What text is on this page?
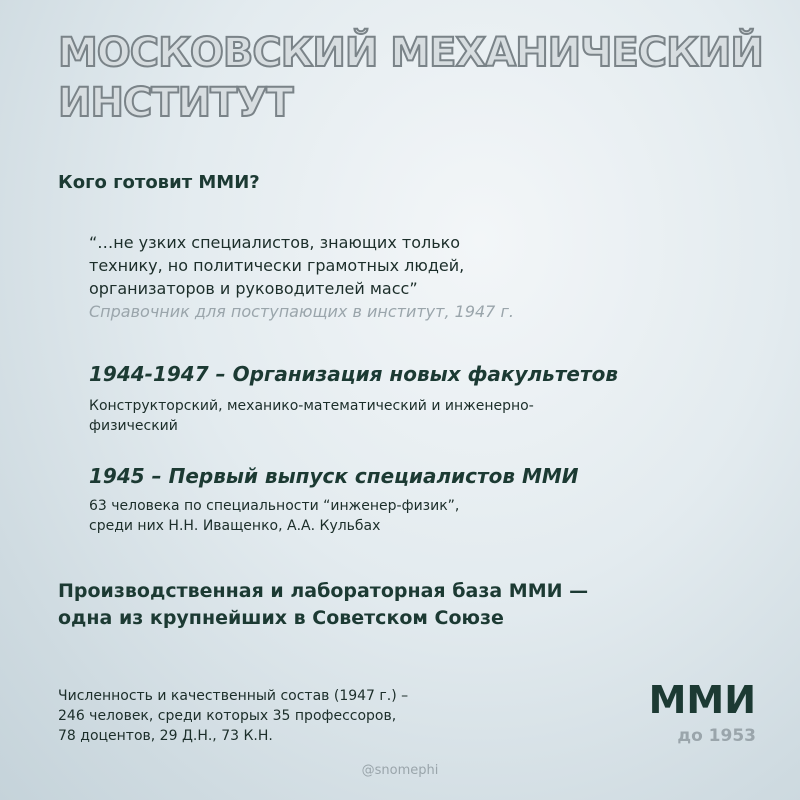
МОСКОВСКИЙ МЕХАНИЧЕСКИЙ
ИНСТИТУТ
Кого готовит ММИ?
“…не узких специалистов, знающих только
технику, но политически грамотных людей,
организаторов и руководителей масс”
Справочник для поступающих в институт, 1947 г.
1944-1947 – Организация новых факультетов
Конструкторский, механико-математический и инженерно-
физический
1945 – Первый выпуск специалистов ММИ
63 человека по специальности “инженер-физик”,
среди них Н.Н. Иващенко, А.А. Кульбах
Производственная и лабораторная база ММИ —
одна из крупнейших в Советском Союзе
Численность и качественный состав (1947 г.) –
246 человек, среди которых 35 профессоров,
78 доцентов, 29 Д.Н., 73 К.Н.
ММИ
до 1953
@snomephi
